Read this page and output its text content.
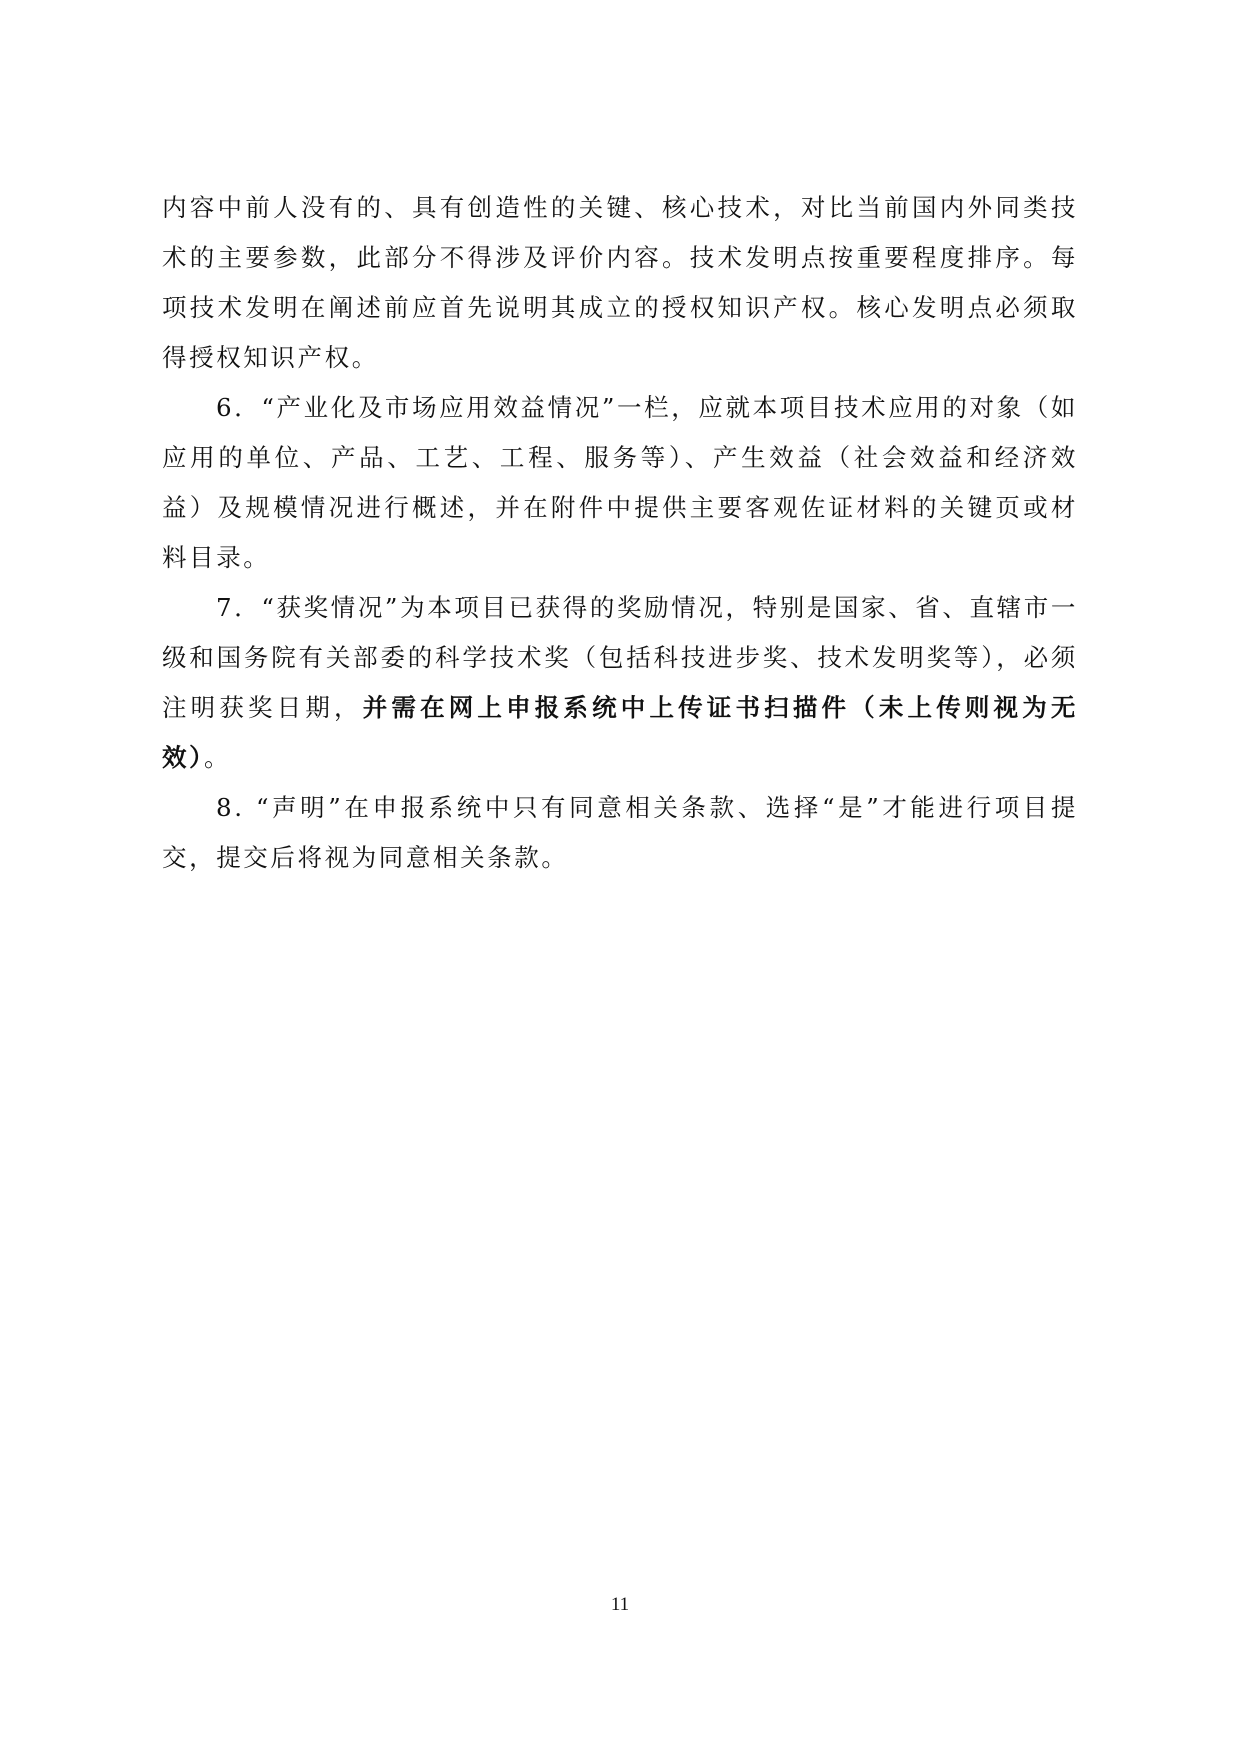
内容中前人没有的、具有创造性的关键、核心技术，对比当前国内外同类技术的主要参数，此部分不得涉及评价内容。技术发明点按重要程度排序。每项技术发明在阐述前应首先说明其成立的授权知识产权。核心发明点必须取得授权知识产权。

6．“产业化及市场应用效益情况”一栏，应就本项目技术应用的对象（如应用的单位、产品、工艺、工程、服务等）、产生效益（社会效益和经济效益）及规模情况进行概述，并在附件中提供主要客观佐证材料的关键页或材料目录。

7．“获奖情况”为本项目已获得的奖励情况，特别是国家、省、直辖市一级和国务院有关部委的科学技术奖（包括科技进步奖、技术发明奖等），必须注明获奖日期，并需在网上申报系统中上传证书扫描件（未上传则视为无效）。

8. “声明”在申报系统中只有同意相关条款、选择“是”才能进行项目提交，提交后将视为同意相关条款。

11
